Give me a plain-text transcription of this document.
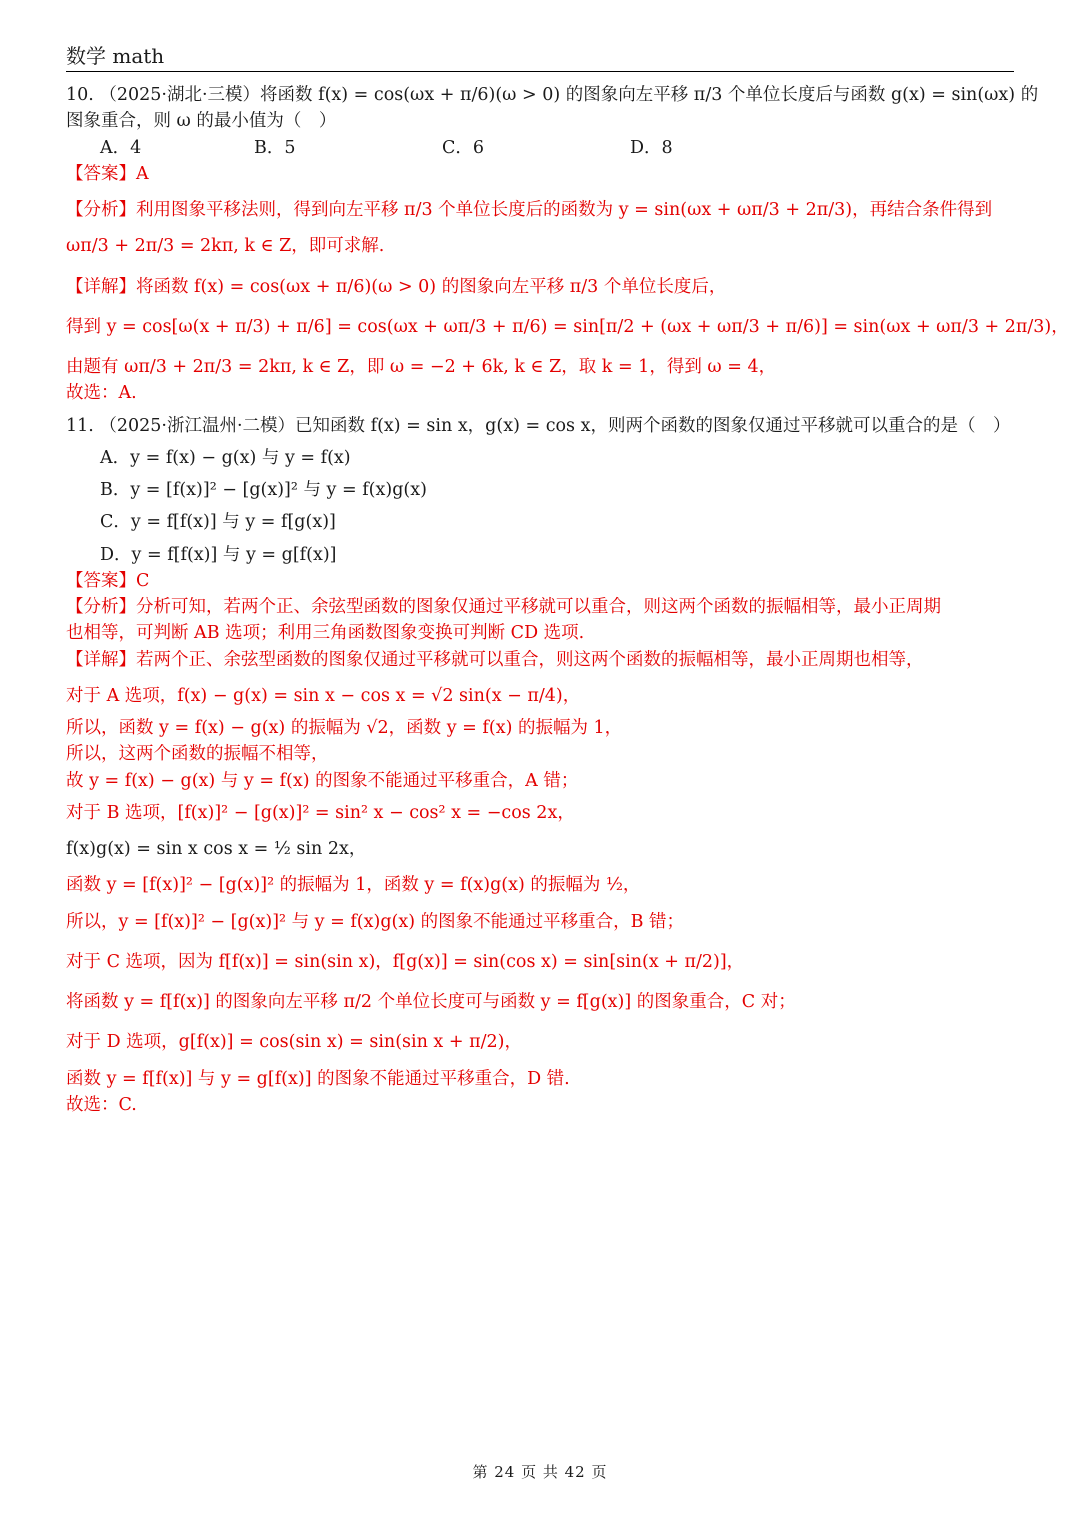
数学 math
10. （2025·湖北·三模）将函数 f(x) = cos(ωx + π/6)(ω > 0) 的图象向左平移 π/3 个单位长度后与函数 g(x) = sin(ωx) 的
图象重合，则 ω 的最小值为（　）
A．4	B．5	C．6	D．8
【答案】A
【分析】利用图象平移法则，得到向左平移 π/3 个单位长度后的函数为 y = sin(ωx + ωπ/3 + 2π/3)，再结合条件得到
ωπ/3 + 2π/3 = 2kπ, k ∈ Z，即可求解.
【详解】将函数 f(x) = cos(ωx + π/6)(ω > 0) 的图象向左平移 π/3 个单位长度后，
得到 y = cos[ω(x + π/3) + π/6] = cos(ωx + ωπ/3 + π/6) = sin[π/2 + (ωx + ωπ/3 + π/6)] = sin(ωx + ωπ/3 + 2π/3)，
由题有 ωπ/3 + 2π/3 = 2kπ, k ∈ Z，即 ω = −2 + 6k, k ∈ Z，取 k = 1，得到 ω = 4，
故选：A.
11. （2025·浙江温州·二模）已知函数 f(x) = sin x，g(x) = cos x，则两个函数的图象仅通过平移就可以重合的是（　）
A．y = f(x) − g(x) 与 y = f(x)
B．y = [f(x)]² − [g(x)]² 与 y = f(x)g(x)
C．y = f[f(x)] 与 y = f[g(x)]
D．y = f[f(x)] 与 y = g[f(x)]
【答案】C
【分析】分析可知，若两个正、余弦型函数的图象仅通过平移就可以重合，则这两个函数的振幅相等，最小正周期
也相等，可判断 AB 选项；利用三角函数图象变换可判断 CD 选项.
【详解】若两个正、余弦型函数的图象仅通过平移就可以重合，则这两个函数的振幅相等，最小正周期也相等，
对于 A 选项，f(x) − g(x) = sin x − cos x = √2 sin(x − π/4)，
所以，函数 y = f(x) − g(x) 的振幅为 √2，函数 y = f(x) 的振幅为 1，
所以，这两个函数的振幅不相等，
故 y = f(x) − g(x) 与 y = f(x) 的图象不能通过平移重合，A 错；
对于 B 选项，[f(x)]² − [g(x)]² = sin² x − cos² x = −cos 2x，
f(x)g(x) = sin x cos x = ½ sin 2x，
函数 y = [f(x)]² − [g(x)]² 的振幅为 1，函数 y = f(x)g(x) 的振幅为 ½，
所以，y = [f(x)]² − [g(x)]² 与 y = f(x)g(x) 的图象不能通过平移重合，B 错；
对于 C 选项，因为 f[f(x)] = sin(sin x)，f[g(x)] = sin(cos x) = sin[sin(x + π/2)]，
将函数 y = f[f(x)] 的图象向左平移 π/2 个单位长度可与函数 y = f[g(x)] 的图象重合，C 对；
对于 D 选项，g[f(x)] = cos(sin x) = sin(sin x + π/2)，
函数 y = f[f(x)] 与 y = g[f(x)] 的图象不能通过平移重合，D 错.
故选：C.
第 24 页 共 42 页
